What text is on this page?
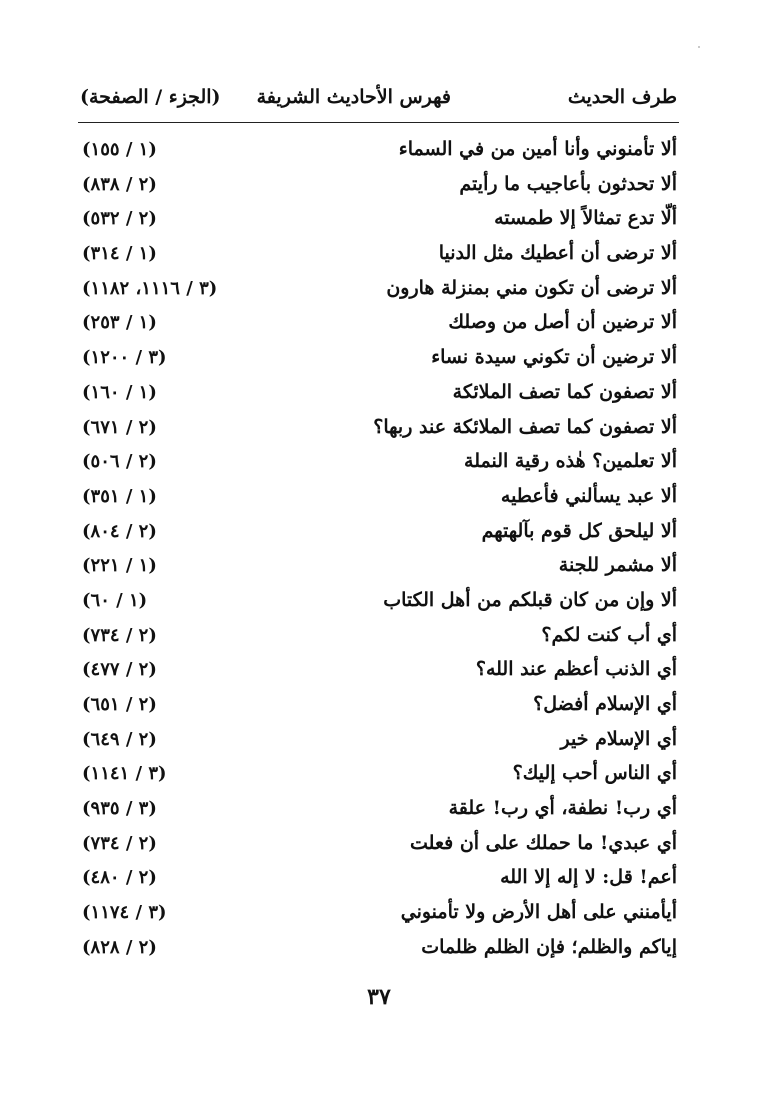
طرف الحديث
فهرس الأحاديث الشريفة
(الجزء / الصفحة)
ألا تأمنوني وأنا أمين من في السماء
(١ / ١٥٥)
ألا تحدثون بأعاجيب ما رأيتم
(٢ / ٨٣٨)
ألّا تدع تمثالاً إلا طمسته
(٢ / ٥٣٢)
ألا ترضى أن أعطيك مثل الدنيا
(١ / ٣١٤)
ألا ترضى أن تكون مني بمنزلة هارون
(٣ / ١١١٦، ١١٨٢)
ألا ترضين أن أصل من وصلك
(١ / ٢٥٣)
ألا ترضين أن تكوني سيدة نساء
(٣ / ١٢٠٠)
ألا تصفون كما تصف الملائكة
(١ / ١٦٠)
ألا تصفون كما تصف الملائكة عند ربها؟
(٢ / ٦٧١)
ألا تعلمين؟ هٰذه رقية النملة
(٢ / ٥٠٦)
ألا عبد يسألني فأعطيه
(١ / ٣٥١)
ألا ليلحق كل قوم بآلهتهم
(٢ / ٨٠٤)
ألا مشمر للجنة
(١ / ٢٢١)
ألا وإن من كان قبلكم من أهل الكتاب
(١ / ٦٠)
أي أب كنت لكم؟
(٢ / ٧٣٤)
أي الذنب أعظم عند الله؟
(٢ / ٤٧٧)
أي الإسلام أفضل؟
(٢ / ٦٥١)
أي الإسلام خير
(٢ / ٦٤٩)
أي الناس أحب إليك؟
(٣ / ١١٤١)
أي رب! نطفة، أي رب! علقة
(٣ / ٩٣٥)
أي عبدي! ما حملك على أن فعلت
(٢ / ٧٣٤)
أعم! قل: لا إله إلا الله
(٢ / ٤٨٠)
أيأمنني على أهل الأرض ولا تأمنوني
(٣ / ١١٧٤)
إياكم والظلم؛ فإن الظلم ظلمات
(٢ / ٨٢٨)
٣٧
